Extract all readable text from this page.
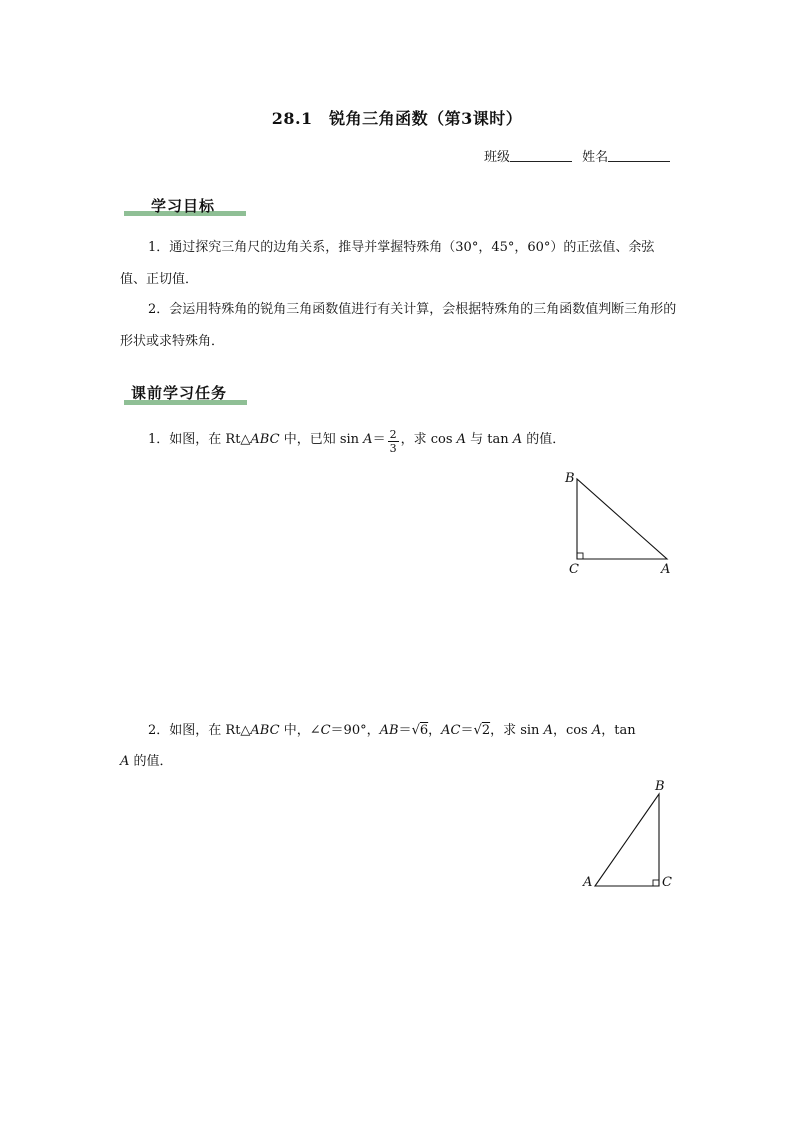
28.1　锐角三角函数（第3课时）
班级	姓名
学习目标
1．通过探究三角尺的边角关系，推导并掌握特殊角（30°，45°，60°）的正弦值、余弦值、正切值．
2．会运用特殊角的锐角三角函数值进行有关计算，会根据特殊角的三角函数值判断三角形的形状或求特殊角．
课前学习任务
1．如图，在 Rt△ABC 中，已知 $\sin A= \frac{2}{3}$ ，求 cos A 与 tan A 的值．
B
C	A
2．如图，在 Rt△ABC 中，∠C＝90°，AB＝√6，AC＝√2，求 sin A，cos A，tan
A 的值．
B
A	C
